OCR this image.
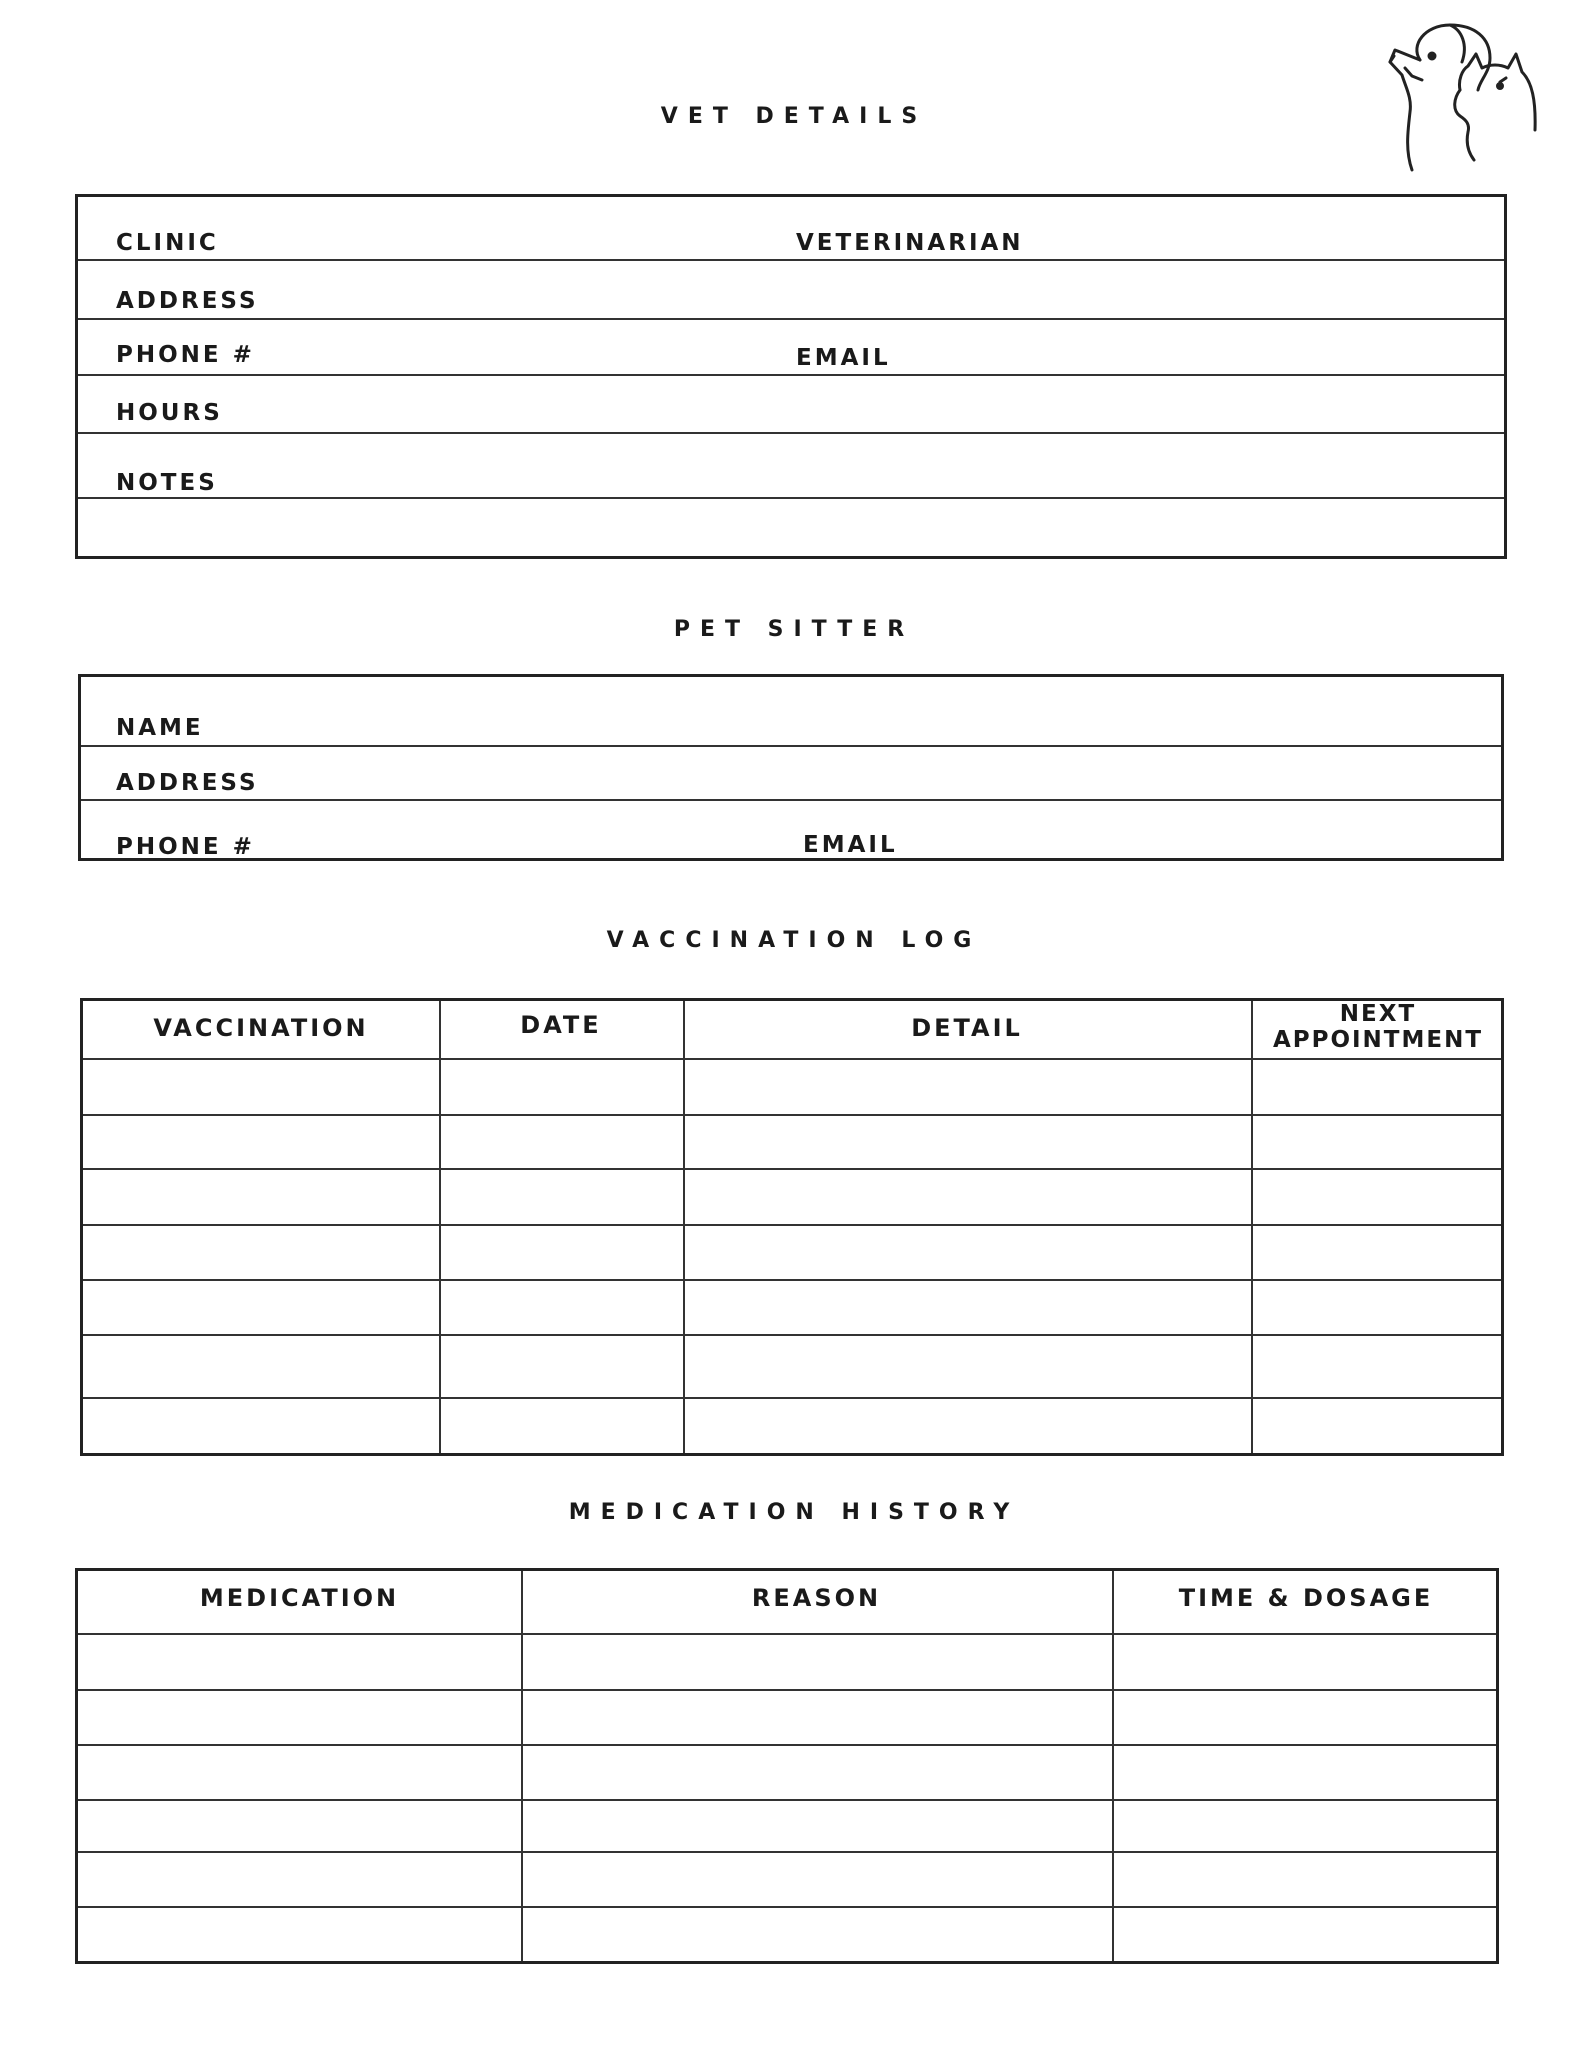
VET DETAILS
CLINIC	VETERINARIAN
ADDRESS
PHONE #	EMAIL
HOURS
NOTES
PET SITTER
NAME
ADDRESS
PHONE #	EMAIL
VACCINATION LOG
VACCINATION	DATE	DETAIL	NEXT APPOINTMENT
MEDICATION HISTORY
MEDICATION	REASON	TIME & DOSAGE
